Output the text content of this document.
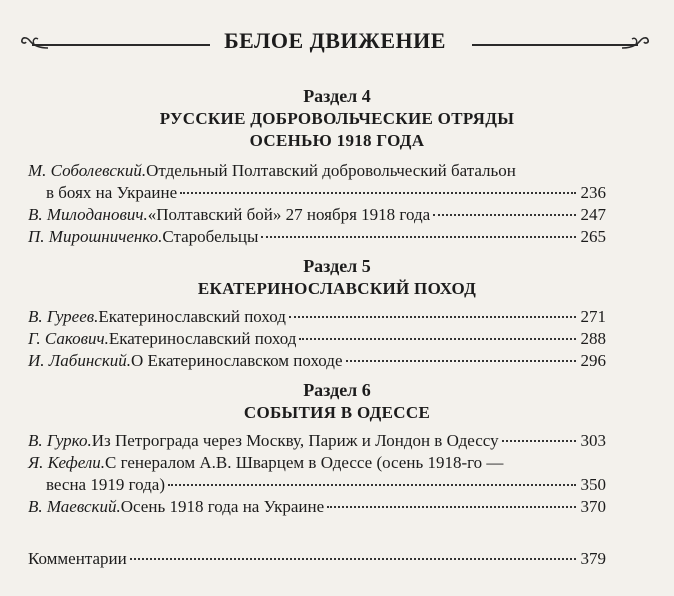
БЕЛОЕ ДВИЖЕНИЕ
Раздел 4
РУССКИЕ ДОБРОВОЛЬЧЕСКИЕ ОТРЯДЫ
ОСЕНЬЮ 1918 ГОДА
М. Соболевский. Отдельный Полтавский добровольческий батальон
в боях на Украине	236
В. Милоданович. «Полтавский бой» 27 ноября 1918 года	247
П. Мирошниченко. Старобельцы	265
Раздел 5
ЕКАТЕРИНОСЛАВСКИЙ ПОХОД
В. Гуреев. Екатеринославский поход	271
Г. Сакович. Екатеринославский поход	288
И. Лабинский. О Екатеринославском походе	296
Раздел 6
СОБЫТИЯ В ОДЕССЕ
В. Гурко. Из Петрограда через Москву, Париж и Лондон в Одессу	303
Я. Кефели. С генералом А.В. Шварцем в Одессе (осень 1918-го —
весна 1919 года)	350
В. Маевский. Осень 1918 года на Украине	370
Комментарии	379
